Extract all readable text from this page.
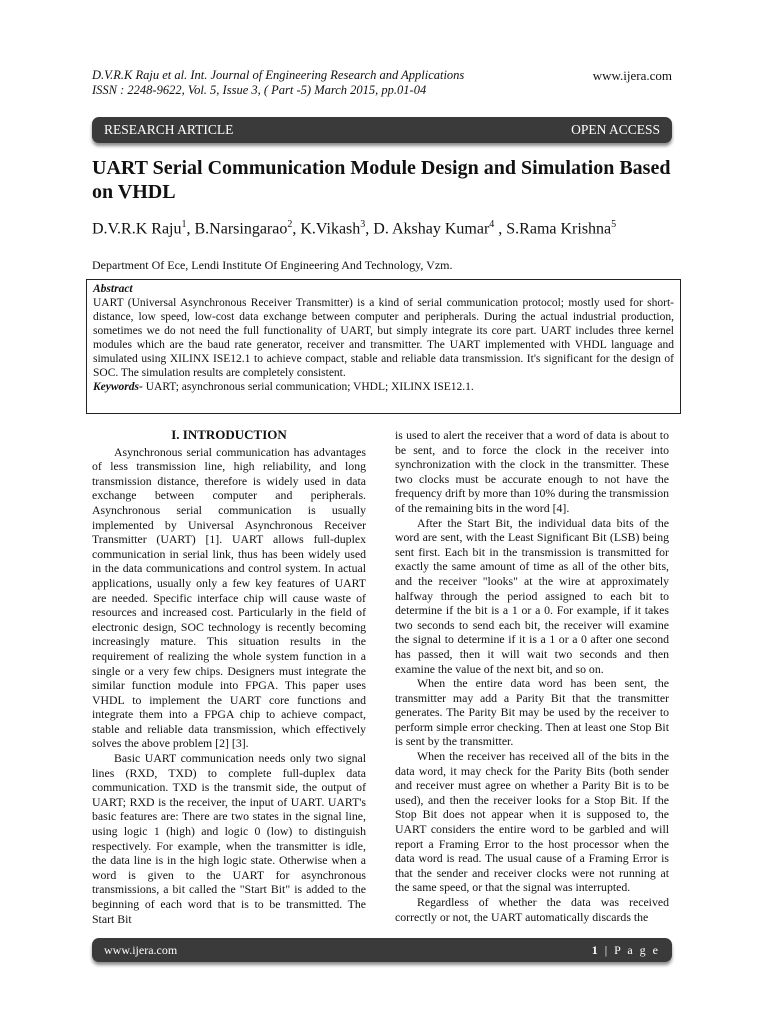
D.V.R.K Raju et al. Int. Journal of Engineering Research and Applications
ISSN : 2248-9622, Vol. 5, Issue 3, ( Part -5) March 2015, pp.01-04
www.ijera.com
RESEARCH ARTICLE	OPEN ACCESS
UART Serial Communication Module Design and Simulation Based on VHDL
D.V.R.K Raju$^1$, B.Narsingarao$^2$, K.Vikash$^3$, D. Akshay Kumar$^4$ , S.Rama Krishna$^5$
Department Of Ece, Lendi Institute Of Engineering And Technology, Vzm.
Abstract
UART (Universal Asynchronous Receiver Transmitter) is a kind of serial communication protocol; mostly used for short-distance, low speed, low-cost data exchange between computer and peripherals. During the actual industrial production, sometimes we do not need the full functionality of UART, but simply integrate its core part. UART includes three kernel modules which are the baud rate generator, receiver and transmitter. The UART implemented with VHDL language and simulated using XILINX ISE12.1 to achieve compact, stable and reliable data transmission. It's significant for the design of SOC. The simulation results are completely consistent.
Keywords- UART; asynchronous serial communication; VHDL; XILINX ISE12.1.
I. INTRODUCTION

Asynchronous serial communication has advantages of less transmission line, high reliability, and long transmission distance, therefore is widely used in data exchange between computer and peripherals. Asynchronous serial communication is usually implemented by Universal Asynchronous Receiver Transmitter (UART) [1]. UART allows full-duplex communication in serial link, thus has been widely used in the data communications and control system. In actual applications, usually only a few key features of UART are needed. Specific interface chip will cause waste of resources and increased cost. Particularly in the field of electronic design, SOC technology is recently becoming increasingly mature. This situation results in the requirement of realizing the whole system function in a single or a very few chips. Designers must integrate the similar function module into FPGA. This paper uses VHDL to implement the UART core functions and integrate them into a FPGA chip to achieve compact, stable and reliable data transmission, which effectively solves the above problem [2] [3].

Basic UART communication needs only two signal lines (RXD, TXD) to complete full-duplex data communication. TXD is the transmit side, the output of UART; RXD is the receiver, the input of UART. UART's basic features are: There are two states in the signal line, using logic 1 (high) and logic 0 (low) to distinguish respectively. For example, when the transmitter is idle, the data line is in the high logic state. Otherwise when a word is given to the UART for asynchronous transmissions, a bit called the "Start Bit" is added to the beginning of each word that is to be transmitted. The Start Bit

is used to alert the receiver that a word of data is about to be sent, and to force the clock in the receiver into synchronization with the clock in the transmitter. These two clocks must be accurate enough to not have the frequency drift by more than 10% during the transmission of the remaining bits in the word [4].

After the Start Bit, the individual data bits of the word are sent, with the Least Significant Bit (LSB) being sent first. Each bit in the transmission is transmitted for exactly the same amount of time as all of the other bits, and the receiver "looks" at the wire at approximately halfway through the period assigned to each bit to determine if the bit is a 1 or a 0. For example, if it takes two seconds to send each bit, the receiver will examine the signal to determine if it is a 1 or a 0 after one second has passed, then it will wait two seconds and then examine the value of the next bit, and so on.

When the entire data word has been sent, the transmitter may add a Parity Bit that the transmitter generates. The Parity Bit may be used by the receiver to perform simple error checking. Then at least one Stop Bit is sent by the transmitter.

When the receiver has received all of the bits in the data word, it may check for the Parity Bits (both sender and receiver must agree on whether a Parity Bit is to be used), and then the receiver looks for a Stop Bit. If the Stop Bit does not appear when it is supposed to, the UART considers the entire word to be garbled and will report a Framing Error to the host processor when the data word is read. The usual cause of a Framing Error is that the sender and receiver clocks were not running at the same speed, or that the signal was interrupted.

Regardless of whether the data was received correctly or not, the UART automatically discards the

www.ijera.com	1 | P a g e
